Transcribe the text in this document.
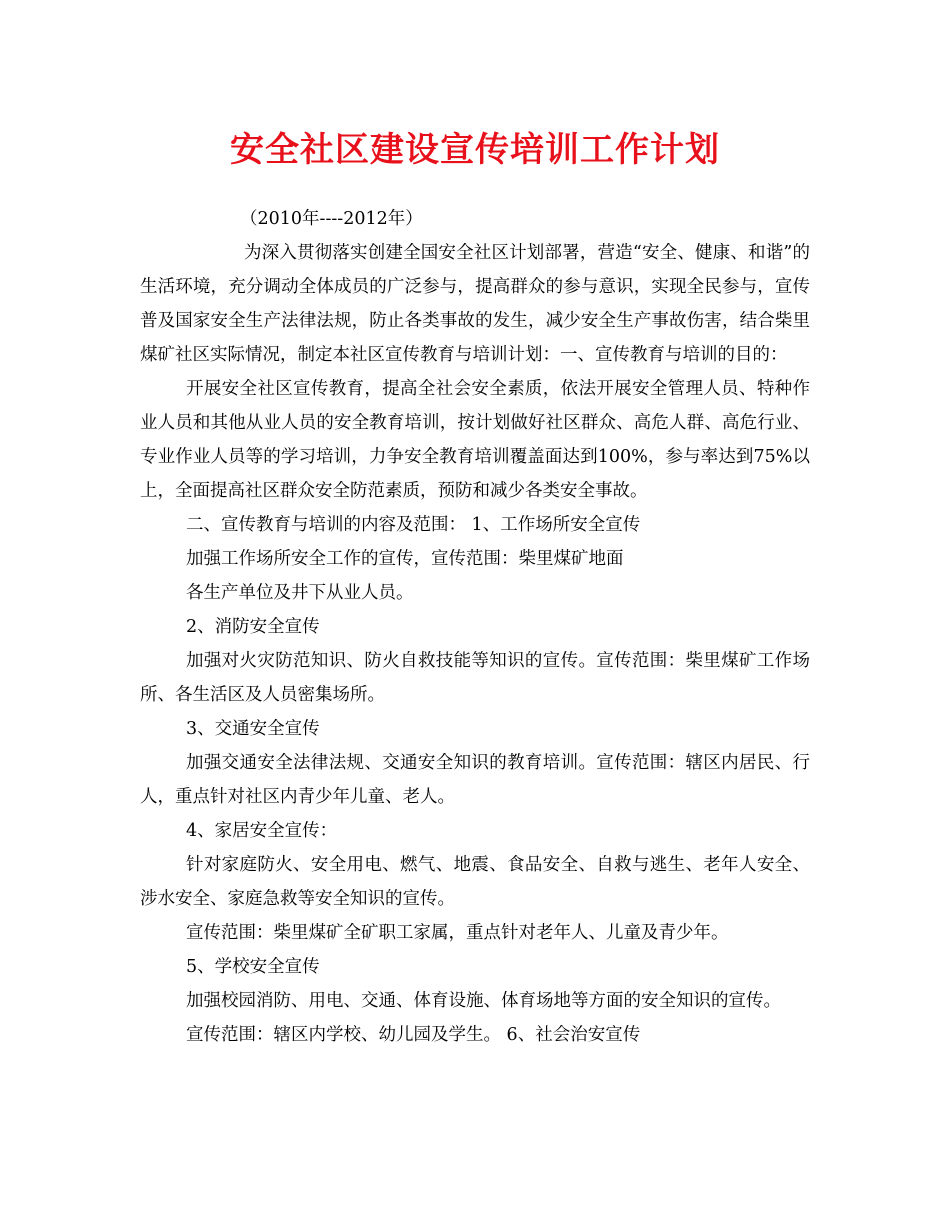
安全社区建设宣传培训工作计划

（2010年----2012年）

为深入贯彻落实创建全国安全社区计划部署，营造“安全、健康、和谐”的生活环境，充分调动全体成员的广泛参与，提高群众的参与意识，实现全民参与，宣传普及国家安全生产法律法规，防止各类事故的发生，减少安全生产事故伤害，结合柴里煤矿社区实际情况，制定本社区宣传教育与培训计划：一、宣传教育与培训的目的：

开展安全社区宣传教育，提高全社会安全素质，依法开展安全管理人员、特种作业人员和其他从业人员的安全教育培训，按计划做好社区群众、高危人群、高危行业、专业作业人员等的学习培训，力争安全教育培训覆盖面达到100%，参与率达到75%以上，全面提高社区群众安全防范素质，预防和减少各类安全事故。

二、宣传教育与培训的内容及范围： 1、工作场所安全宣传

加强工作场所安全工作的宣传，宣传范围：柴里煤矿地面

各生产单位及井下从业人员。

2、消防安全宣传

加强对火灾防范知识、防火自救技能等知识的宣传。宣传范围：柴里煤矿工作场所、各生活区及人员密集场所。

3、交通安全宣传

加强交通安全法律法规、交通安全知识的教育培训。宣传范围：辖区内居民、行人，重点针对社区内青少年儿童、老人。

4、家居安全宣传：

针对家庭防火、安全用电、燃气、地震、食品安全、自救与逃生、老年人安全、涉水安全、家庭急救等安全知识的宣传。

宣传范围：柴里煤矿全矿职工家属，重点针对老年人、儿童及青少年。

5、学校安全宣传

加强校园消防、用电、交通、体育设施、体育场地等方面的安全知识的宣传。

宣传范围：辖区内学校、幼儿园及学生。 6、社会治安宣传
